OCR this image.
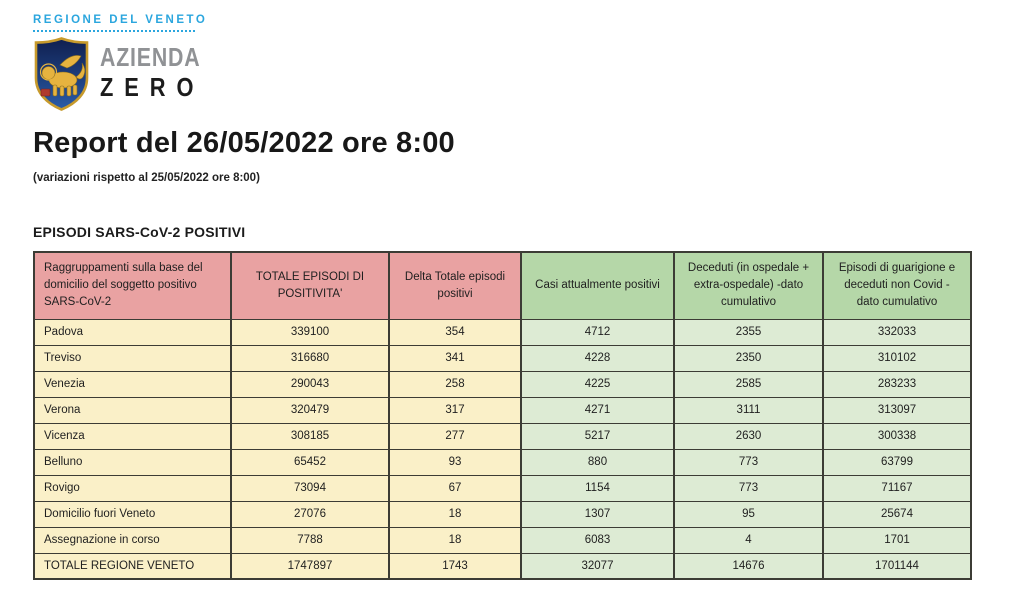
REGIONE DEL VENETO
AZIENDA
ZERO
Report del 26/05/2022 ore 8:00
(variazioni rispetto al 25/05/2022 ore 8:00)
EPISODI SARS-CoV-2 POSITIVI
Raggruppamenti sulla base del domicilio del soggetto positivo SARS-CoV-2	TOTALE EPISODI DI POSITIVITA'	Delta Totale episodi positivi	Casi attualmente positivi	Deceduti (in ospedale + extra-ospedale) -dato cumulativo	Episodi di guarigione e deceduti non Covid - dato cumulativo
Padova	339100	354	4712	2355	332033
Treviso	316680	341	4228	2350	310102
Venezia	290043	258	4225	2585	283233
Verona	320479	317	4271	3111	313097
Vicenza	308185	277	5217	2630	300338
Belluno	65452	93	880	773	63799
Rovigo	73094	67	1154	773	71167
Domicilio fuori Veneto	27076	18	1307	95	25674
Assegnazione in corso	7788	18	6083	4	1701
TOTALE REGIONE VENETO	1747897	1743	32077	14676	1701144
